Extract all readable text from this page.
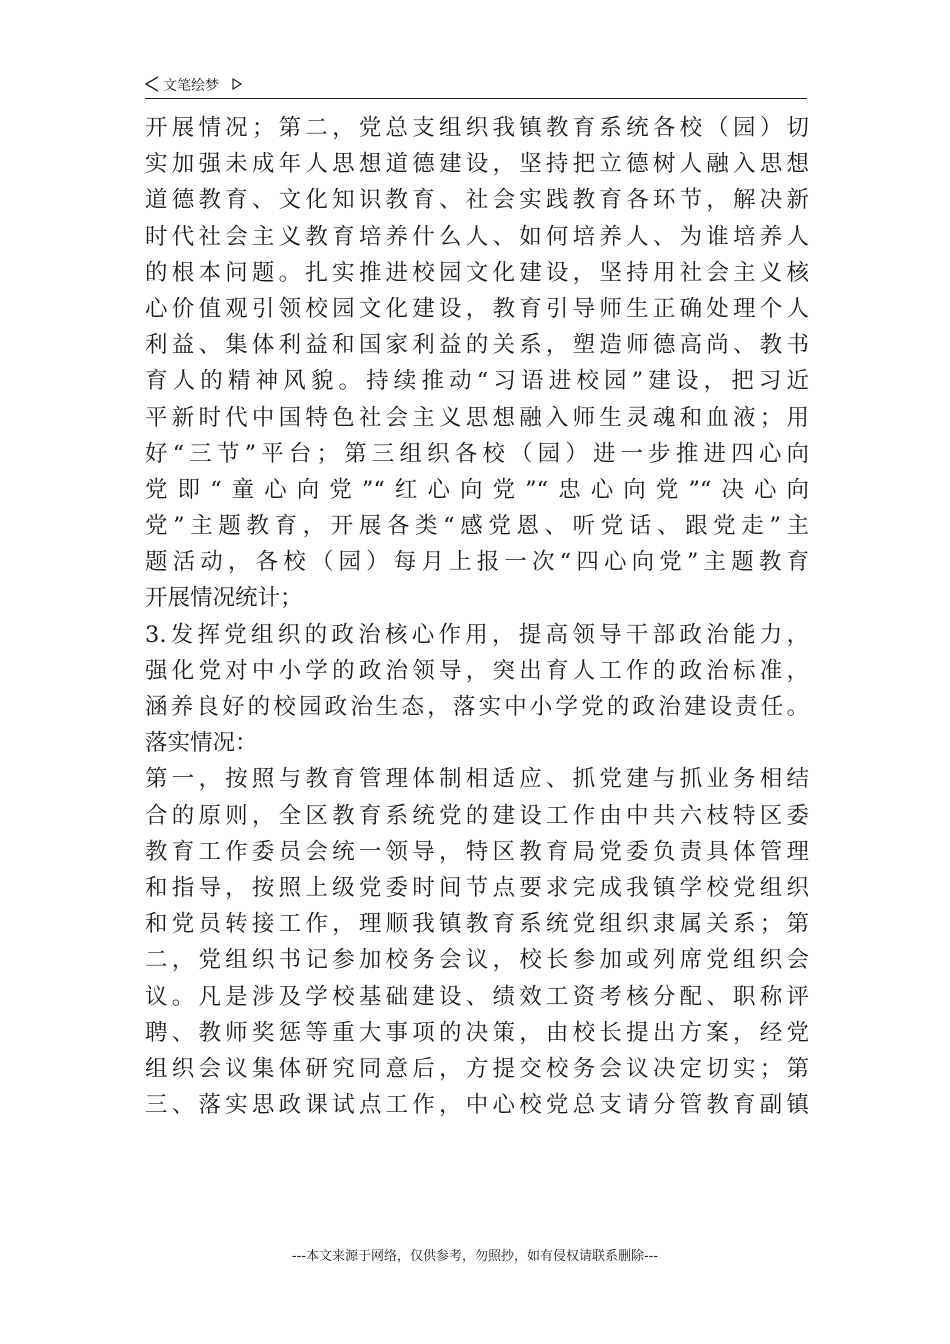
文笔绘梦
开展情况；第二，党总支组织我镇教育系统各校（园）切
实加强未成年人思想道德建设，坚持把立德树人融入思想
道德教育、文化知识教育、社会实践教育各环节，解决新
时代社会主义教育培养什么人、如何培养人、为谁培养人
的根本问题。扎实推进校园文化建设，坚持用社会主义核
心价值观引领校园文化建设，教育引导师生正确处理个人
利益、集体利益和国家利益的关系，塑造师德高尚、教书
育人的精神风貌。持续推动“习语进校园”建设，把习近
平新时代中国特色社会主义思想融入师生灵魂和血液；用
好“三节”平台；第三组织各校（园）进一步推进四心向
党即“童心向党”“红心向党”“忠心向党”“决心向
党”主题教育，开展各类“感党恩、听党话、跟党走”主
题活动，各校（园）每月上报一次“四心向党”主题教育
开展情况统计；
3.发挥党组织的政治核心作用，提高领导干部政治能力，
强化党对中小学的政治领导，突出育人工作的政治标准，
涵养良好的校园政治生态，落实中小学党的政治建设责任。
落实情况：
第一，按照与教育管理体制相适应、抓党建与抓业务相结
合的原则，全区教育系统党的建设工作由中共六枝特区委
教育工作委员会统一领导，特区教育局党委负责具体管理
和指导，按照上级党委时间节点要求完成我镇学校党组织
和党员转接工作，理顺我镇教育系统党组织隶属关系；第
二，党组织书记参加校务会议，校长参加或列席党组织会
议。凡是涉及学校基础建设、绩效工资考核分配、职称评
聘、教师奖惩等重大事项的决策，由校长提出方案，经党
组织会议集体研究同意后，方提交校务会议决定切实；第
三、落实思政课试点工作，中心校党总支请分管教育副镇
---本文来源于网络，仅供参考，勿照抄，如有侵权请联系删除---
